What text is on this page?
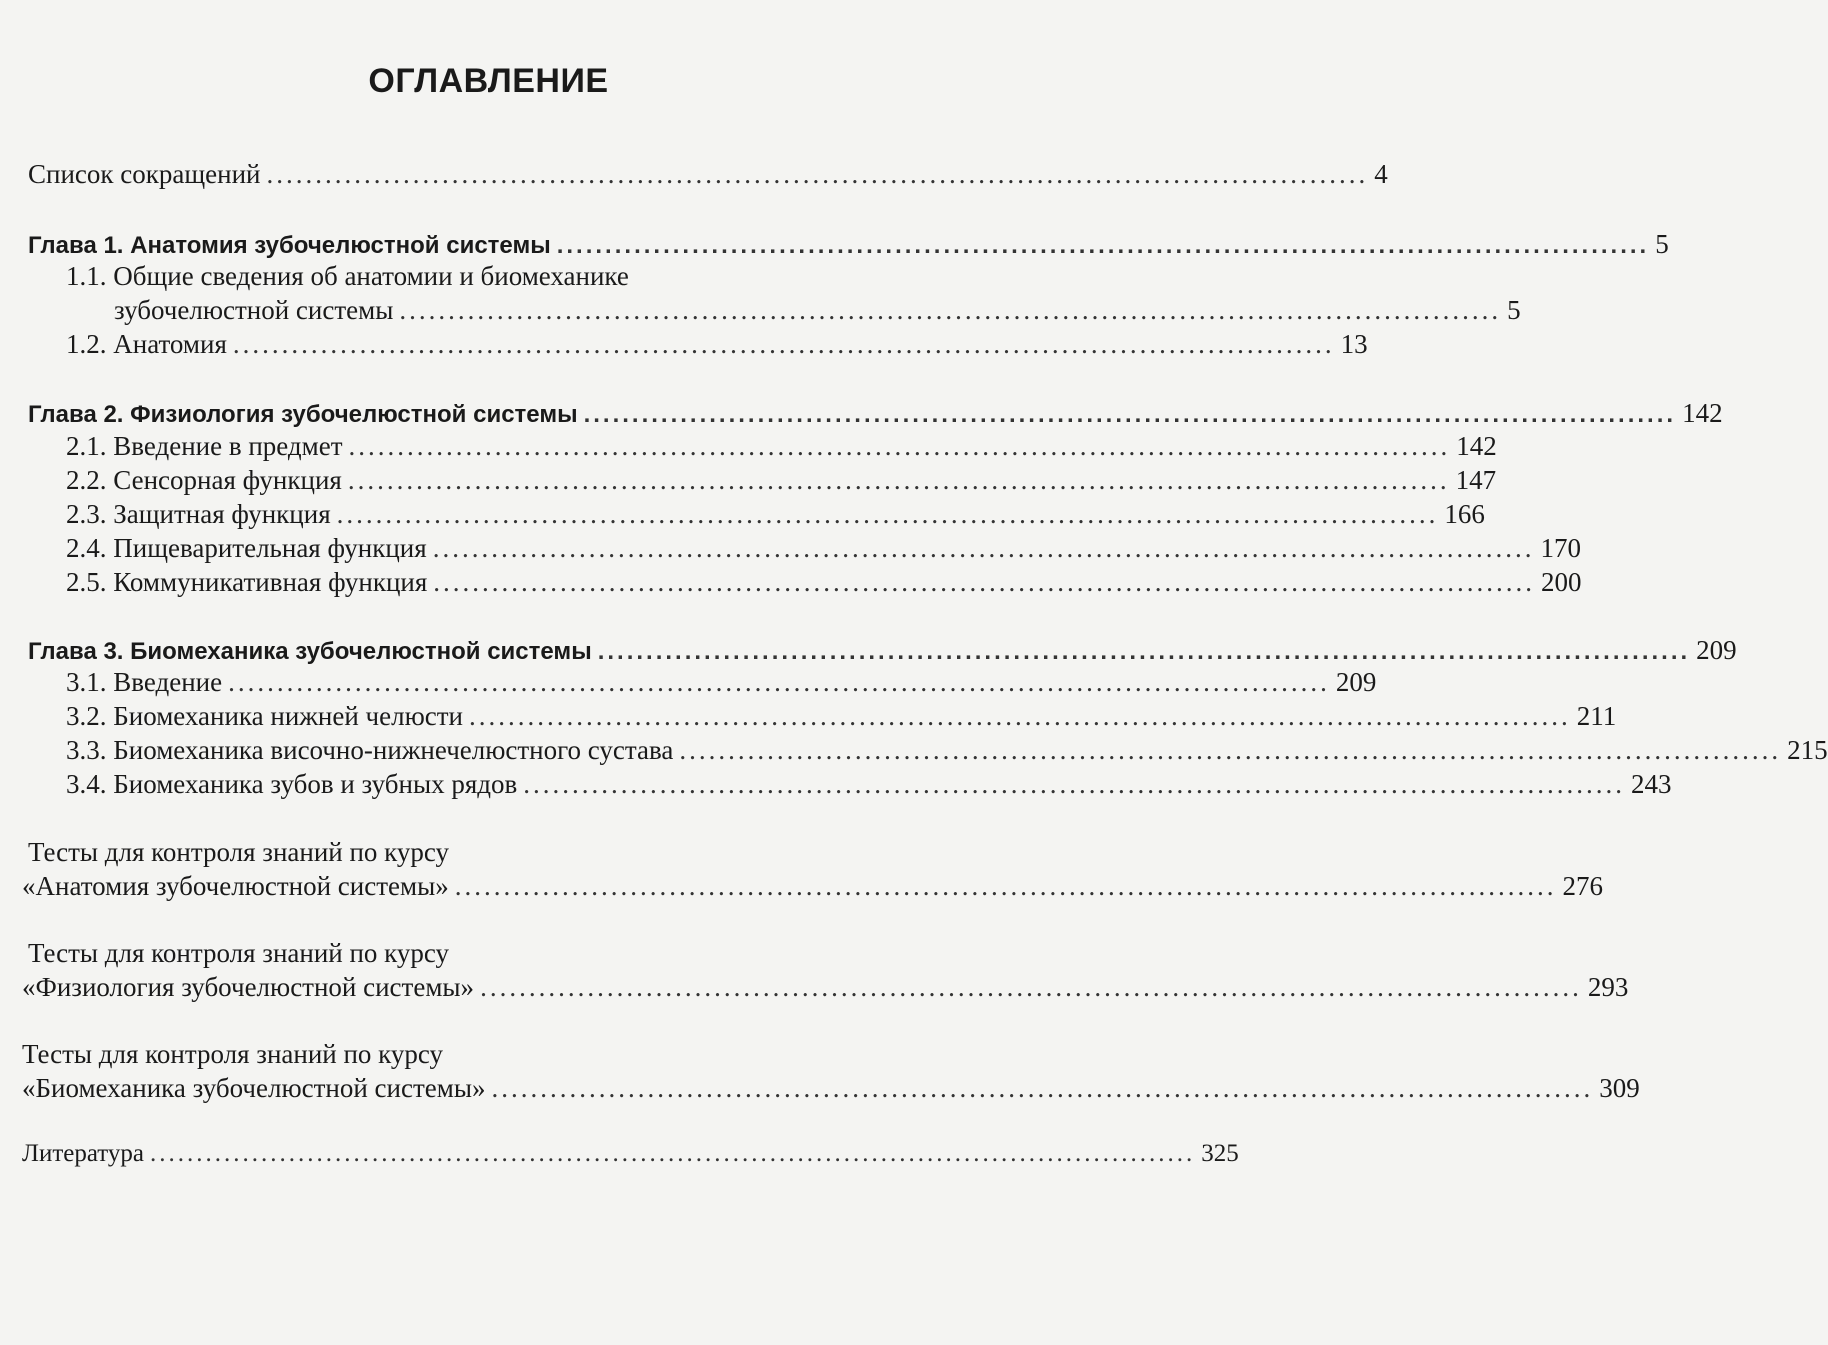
ОГЛАВЛЕНИЕ
Список сокращений ................................................................................................................. 4
Глава 1. Анатомия зубочелюстной системы ................................................................................................................. 5
1.1. Общие сведения об анатомии и биомеханике
зубочелюстной системы ................................................................................................................. 5
1.2. Анатомия ................................................................................................................. 13
Глава 2. Физиология зубочелюстной системы ................................................................................................................. 142
2.1. Введение в предмет ................................................................................................................. 142
2.2. Сенсорная функция ................................................................................................................. 147
2.3. Защитная функция ................................................................................................................. 166
2.4. Пищеварительная функция ................................................................................................................. 170
2.5. Коммуникативная функция ................................................................................................................. 200
Глава 3. Биомеханика зубочелюстной системы ................................................................................................................. 209
3.1. Введение ................................................................................................................. 209
3.2. Биомеханика нижней челюсти ................................................................................................................. 211
3.3. Биомеханика височно-нижнечелюстного сустава ................................................................................................................. 215
3.4. Биомеханика зубов и зубных рядов ................................................................................................................. 243
Тесты для контроля знаний по курсу
«Анатомия зубочелюстной системы» ................................................................................................................. 276
Тесты для контроля знаний по курсу
«Физиология зубочелюстной системы» ................................................................................................................. 293
Тесты для контроля знаний по курсу
«Биомеханика зубочелюстной системы» ................................................................................................................. 309
Литература ................................................................................................................. 325
